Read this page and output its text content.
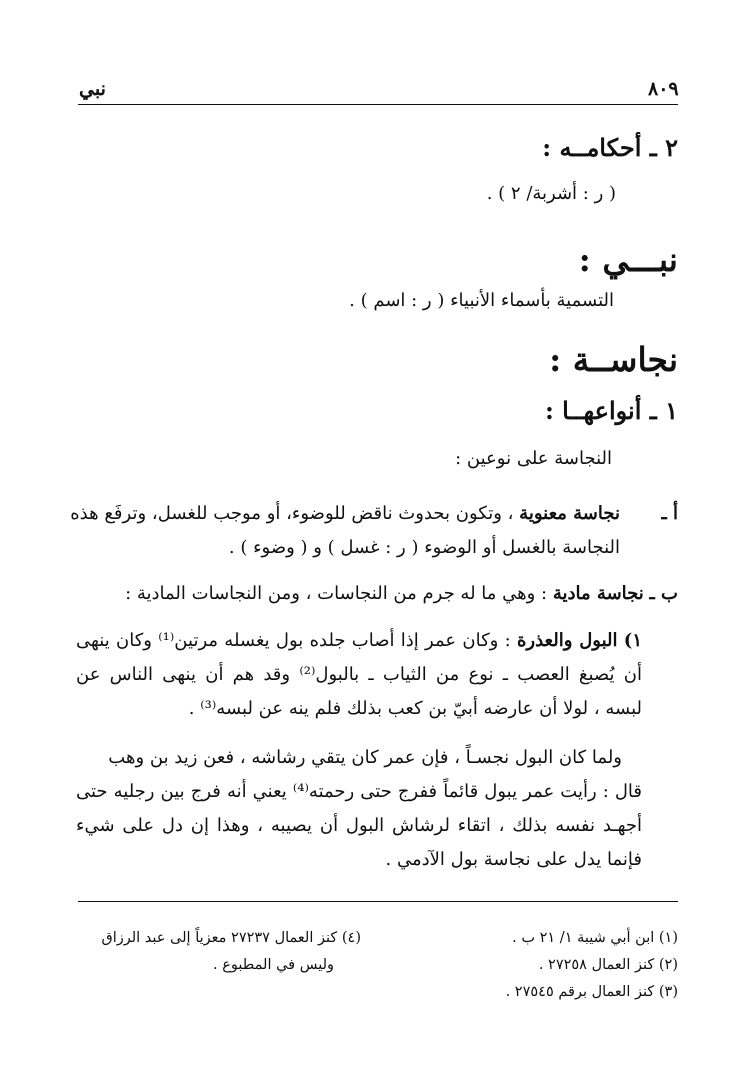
٨٠٩
نبي
٢ ـ أحكامــه :
( ر : أشربة/ ٢ ) .
نبـــي :
التسمية بأسماء الأنبياء ( ر : اسم ) .
نجاســة :
١ ـ أنواعهــا :
النجاسة على نوعين :
أ ـ
نجاسة معنوية ، وتكون بحدوث ناقض للوضوء، أو موجب للغسل، وترفَع هذه
النجاسة بالغسل أو الوضوء ( ر : غسل ) و ( وضوء ) .
ب ـ نجاسة مادية : وهي ما له جرم من النجاسات ، ومن النجاسات المادية :
١) البول والعذرة : وكان عمر إذا أصاب جلده بول يغسله مرتين⁽¹⁾ وكان ينهى
أن يُصبغ العصب ـ نوع من الثياب ـ بالبول⁽²⁾ وقد هم أن ينهى الناس عن
لبسه ، لولا أن عارضه أبيّ بن كعب بذلك فلم ينه عن لبسه⁽³⁾ .
ولما كان البول نجسـاً ، فإن عمر كان يتقي رشاشه ، فعن زيد بن وهب
قال : رأيت عمر يبول قائماً ففرج حتى رحمته⁽⁴⁾ يعني أنه فرج بين رجليه حتى
أجهـد نفسه بذلك ، اتقاء لرشاش البول أن يصيبه ، وهذا إن دل على شيء
فإنما يدل على نجاسة بول الآدمي .
(١) ابن أبي شيبة ١/ ٢١ ب .
(٢) كنز العمال ٢٧٢٥٨ .
(٣) كنز العمال برقم ٢٧٥٤٥ .
(٤) كنز العمال ٢٧٢٣٧ معزياً إلى عبد الرزاق
وليس في المطبوع .
